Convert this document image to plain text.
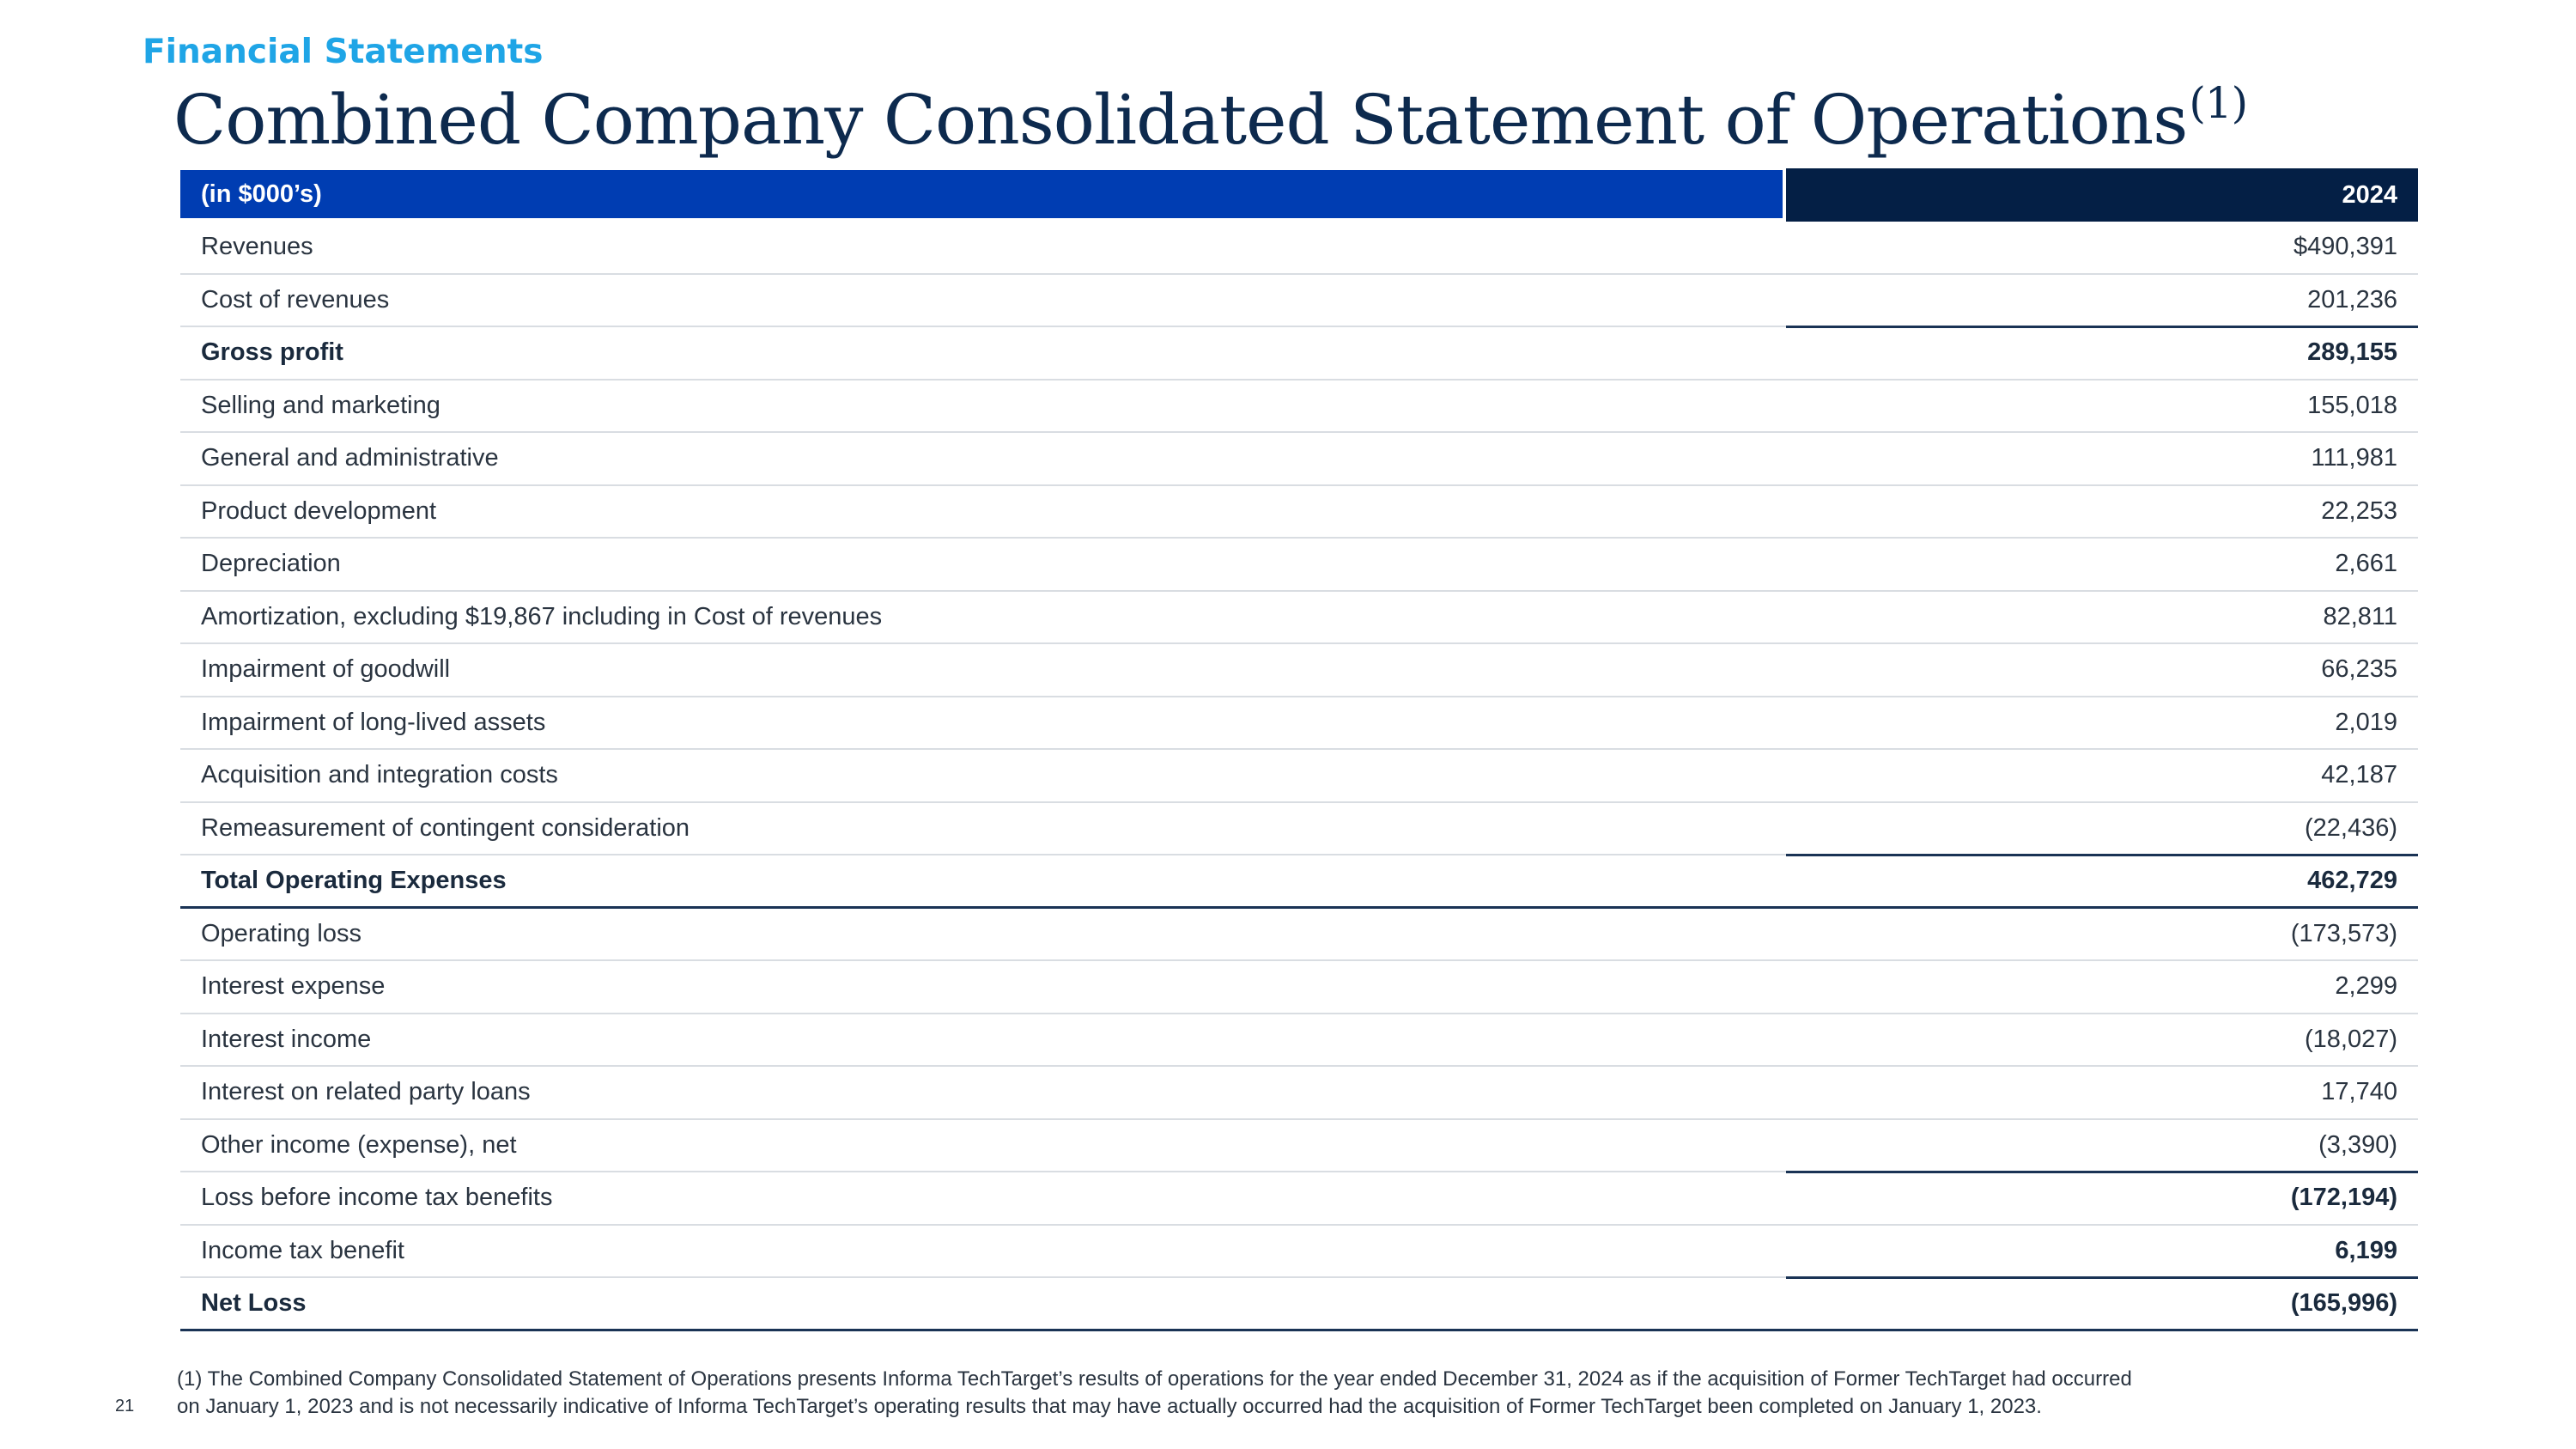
Financial Statements
Combined Company Consolidated Statement of Operations$^{(1)}$
(in $000’s)	2024
Revenues	$490,391
Cost of revenues	201,236
Gross profit	289,155
Selling and marketing	155,018
General and administrative	111,981
Product development	22,253
Depreciation	2,661
Amortization, excluding $19,867 including in Cost of revenues	82,811
Impairment of goodwill	66,235
Impairment of long-lived assets	2,019
Acquisition and integration costs	42,187
Remeasurement of contingent consideration	(22,436)
Total Operating Expenses	462,729
Operating loss	(173,573)
Interest expense	2,299
Interest income	(18,027)
Interest on related party loans	17,740
Other income (expense), net	(3,390)
Loss before income tax benefits	(172,194)
Income tax benefit	6,199
Net Loss	(165,996)
(1) The Combined Company Consolidated Statement of Operations presents Informa TechTarget’s results of operations for the year ended December 31, 2024 as if the acquisition of Former TechTarget had occurred
on January 1, 2023 and is not necessarily indicative of Informa TechTarget’s operating results that may have actually occurred had the acquisition of Former TechTarget been completed on January 1, 2023.
21
